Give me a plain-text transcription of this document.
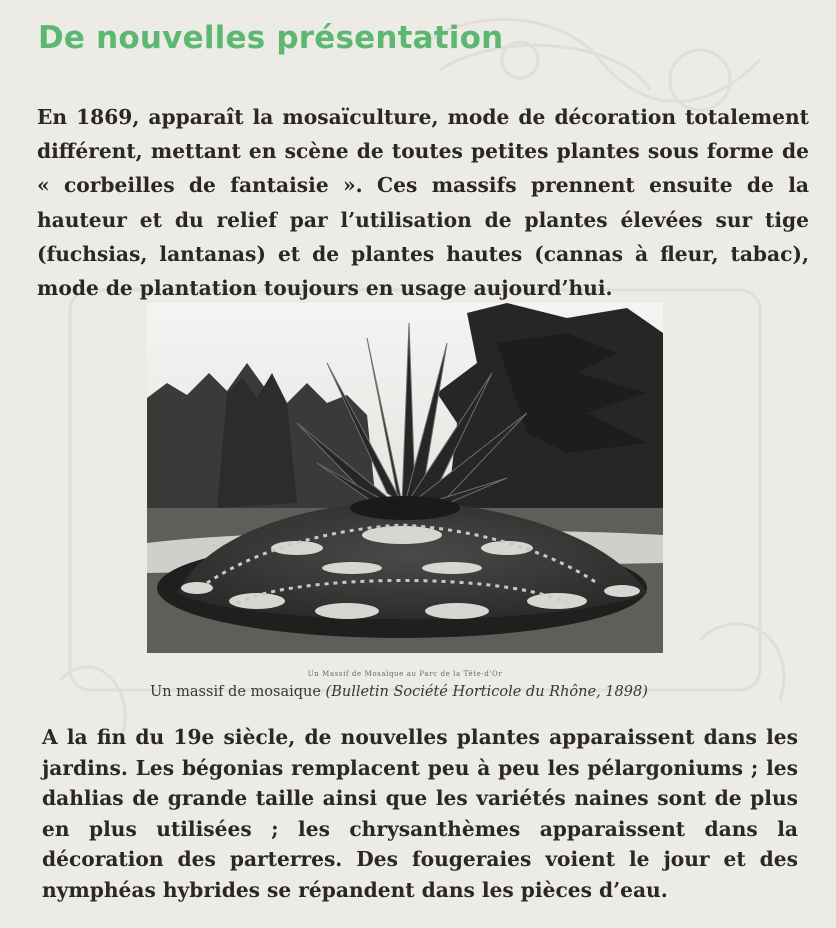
De nouvelles présentation

En 1869, apparaît la mosaïculture, mode de décoration totalement différent, mettant en scène de toutes petites plantes sous forme de « corbeilles de fantaisie ». Ces massifs prennent ensuite de la hauteur et du relief par l’utilisation de plantes élevées sur tige (fuchsias, lantanas) et de plantes hautes (cannas à fleur, tabac), mode de plantation toujours en usage aujourd’hui.

Un Massif de Mosaïque au Parc de la Tête-d'Or
Un massif de mosaique (Bulletin Société Horticole du Rhône, 1898)

A la fin du 19e siècle, de nouvelles plantes apparaissent dans les jardins. Les bégonias remplacent peu à peu les pélargoniums ; les dahlias de grande taille ainsi que les variétés naines sont de plus en plus utilisées ; les chrysanthèmes apparaissent dans la décoration des parterres. Des fougeraies voient le jour et des nymphéas hybrides se répandent dans les pièces d’eau.
